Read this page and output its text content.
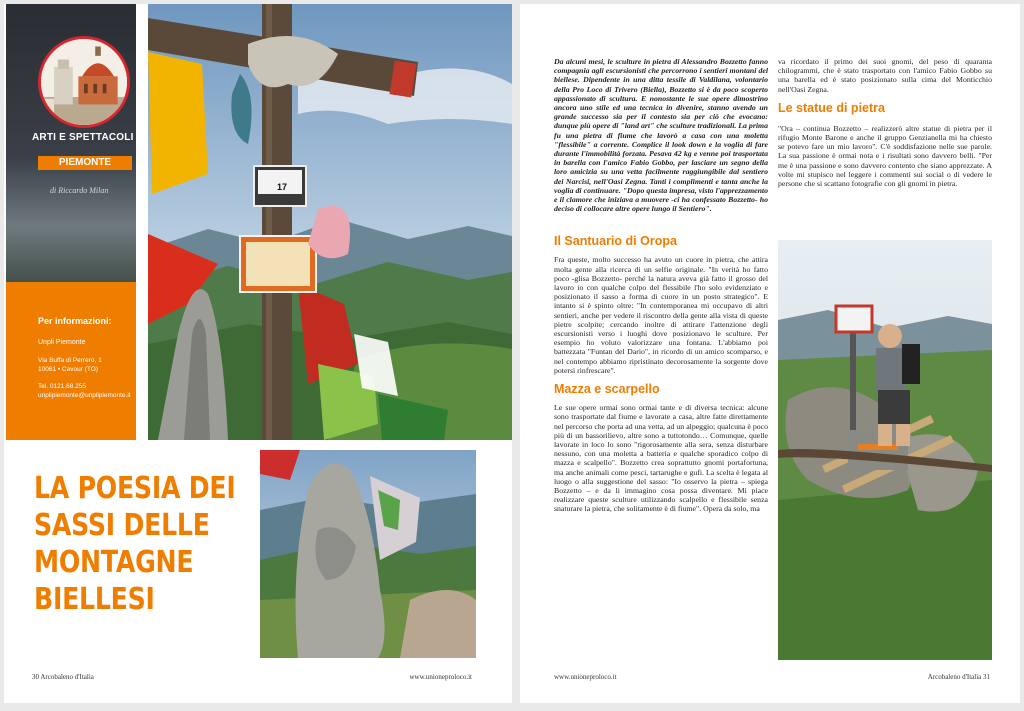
ARTI E SPETTACOLI
PIEMONTE
di Riccardo Milan
Per informazioni:
Unpli Piemonte
Via Buffa di Perrero, 1
10061 • Cavour (TO)
Tel. 0121.68.255
unplipiemonte@unplipiemonte.it
17
LA POESIA DEI
SASSI DELLE
MONTAGNE
BIELLESI
30 Arcobaleno d'Italia	www.unioneproloco.it

Da alcuni mesi, le sculture in pietra di Alessandro Bozzetto fanno compagnia agli escursionisti che percorrono i sentieri montani del biellese. Dipendente in una ditta tessile di Valdilana, volontario della Pro Loco di Trivero (Biella), Bozzetto si è da poco scoperto appassionato di scultura. E nonostante le sue opere dimostrino ancora uno stile ed una tecnica in divenire, stanno avendo un grande successo sia per il contesto sia per ciò che evocano: dunque più opere di "land art" che sculture tradizionali. La prima fu una pietra di fiume che lavorò a casa con una moletta "flessibile" a corrente. Complice il look down e la voglia di fare durante l'immobilità forzata. Pesava 42 kg e venne poi trasportata in barella con l'amico Fabio Gobbo, per lasciare un segno della loro amicizia su una vetta facilmente raggiungibile dal sentiero dei Narcisi, nell'Oasi Zegna. Tanti i complimenti e tanta anche la voglia di continuare. "Dopo questa impresa, visto l'apprezzamento e il clamore che iniziava a muovere -ci ha confessato Bozzetto- ho deciso di collocare altre opere lungo il Sentiero".

Il Santuario di Oropa

Fra queste, molto successo ha avuto un cuore in pietra, che attira molta gente alla ricerca di un selfie originale. "In verità ho fatto poco -glisa Bozzetto- perché la natura aveva già fatto il grosso del lavoro io con qualche colpo del flessibile l'ho solo evidenziato e posizionato il sasso a forma di cuore in un posto strategico". E intanto si è spinto oltre: "In contemporanea mi occupavo di altri sentieri, anche per vedere il riscontro della gente alla vista di queste pietre scolpite; cercando inoltre di attirare l'attenzione degli escursionisti verso i luoghi dove posizionavo le sculture. Per esempio ho voluto valorizzare una fontana. L'abbiamo poi battezzata "Funtan del Dario", in ricordo di un amico scomparso, e nel contempo abbiamo ripristinato decorosamente la sorgente dove potersi rinfrescare".

Mazza e scarpello

Le sue opere ormai sono ormai tante e di diversa tecnica: alcune sono trasportate dal fiume e lavorate a casa, altre fatte direttamente nel percorso che porta ad una vetta, ad un alpeggio; qualcuna è poco più di un bassorilievo, altre sono a tuttotondo… Comunque, quelle lavorate in loco lo sono "rigorosamente alla sera, senza disturbare nessuno, con una moletta a batteria e qualche sporadico colpo di mazza e scalpello". Bozzetto crea soprattutto gnomi portafortuna, ma anche animali come pesci, tartarughe e gufi. La scelta è legata al luogo o alla suggestione del sasso: "Io osservo la pietra – spiega Bozzetto – e da li immagino cosa possa diventare. Mi piace realizzare queste sculture utilizzando scalpello e flessibile senza snaturare la pietra, che solitamente è di fiume". Opera da solo, ma

va ricordato il primo dei suoi gnomi, del peso di quaranta chilogrammi, che è stato trasportato con l'amico Fabio Gobbo su una barella ed è stato posizionato sulla cima del Monticchio nell'Oasi Zegna.

Le statue di pietra

"Ora – continua Bozzetto – realizzerò altre statue di pietra per il rifugio Monte Barone e anche il gruppo Genzianella mi ha chiesto se potevo fare un mio lavoro". C'è soddisfazione nelle sue parole. La sua passione è ormai nota e i risultati sono davvero belli. "Per me è una passione e sono davvero contento che siano apprezzate. A volte mi stupisco nel leggere i commenti sui social o di vedere le persone che si scattano fotografie con gli gnomi in pietra.

www.unioneproloco.it	Arcobaleno d'Italia 31
